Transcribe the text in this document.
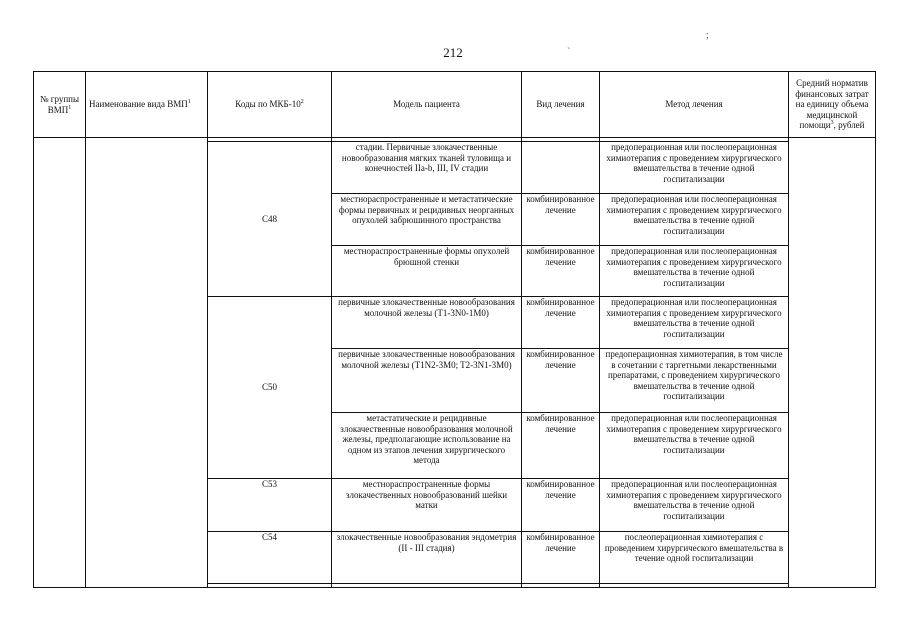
212	`
;
№ группы ВМП$^1$	Наименование вида ВМП$^1$	Коды по МКБ-$10^2$	Модель пациента	Вид лечения	Метод лечения	Средний норматив финансовых затрат на единицу объема медицинской помощи$^3$, рублей

		C48	стадии. Первичные злокачественные новообразования мягких тканей туловища и конечностей IIa-b, III, IV стадии		предоперационная или послеоперационная химиотерапия с проведением хирургического вмешательства в течение одной госпитализации	
			местнораспространенные и метастатические формы первичных и рецидивных неорганных опухолей забрюшинного пространства	комбинированное лечение	предоперационная или послеоперационная химиотерапия с проведением хирургического вмешательства в течение одной госпитализации	
			местнораспространенные формы опухолей брюшной стенки	комбинированное лечение	предоперационная или послеоперационная химиотерапия с проведением хирургического вмешательства в течение одной госпитализации	
		C50	первичные злокачественные новообразования молочной железы (T1-3N0-1M0)	комбинированное лечение	предоперационная или послеоперационная химиотерапия с проведением хирургического вмешательства в течение одной госпитализации	
			первичные злокачественные новообразования молочной железы (T1N2-3M0; T2-3N1-3M0)	комбинированное лечение	предоперационная химиотерапия, в том числе в сочетании с таргетными лекарственными препаратами, с проведением хирургического вмешательства в течение одной госпитализации	
			метастатические и рецидивные злокачественные новообразования молочной железы, предполагающие использование на одном из этапов лечения хирургического метода	комбинированное лечение	предоперационная или послеоперационная химиотерапия с проведением хирургического вмешательства в течение одной госпитализации	
		C53	местнораспространенные формы злокачественных новообразований шейки матки	комбинированное лечение	предоперационная или послеоперационная химиотерапия с проведением хирургического вмешательства в течение одной госпитализации	
		C54	злокачественные новообразования эндометрия (II - III стадия)	комбинированное лечение	послеоперационная химиотерапия с проведением хирургического вмешательства в течение одной госпитализации	
